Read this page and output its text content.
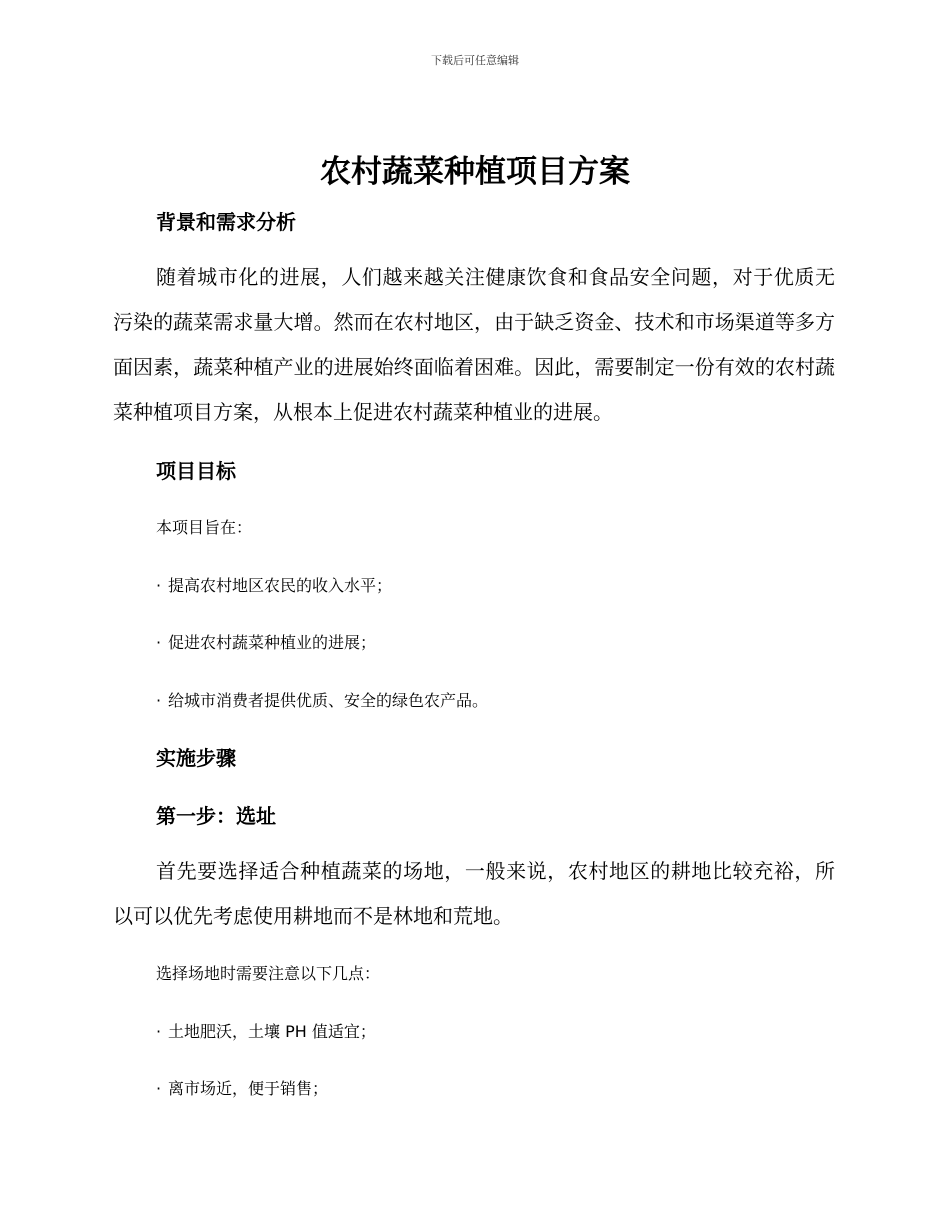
下载后可任意编辑
农村蔬菜种植项目方案
背景和需求分析

随着城市化的进展，人们越来越关注健康饮食和食品安全问题，对于优质无污染的蔬菜需求量大增。然而在农村地区，由于缺乏资金、技术和市场渠道等多方面因素，蔬菜种植产业的进展始终面临着困难。因此，需要制定一份有效的农村蔬菜种植项目方案，从根本上促进农村蔬菜种植业的进展。

项目目标
本项目旨在：
· 提高农村地区农民的收入水平；
· 促进农村蔬菜种植业的进展；
· 给城市消费者提供优质、安全的绿色农产品。
实施步骤
第一步：选址

首先要选择适合种植蔬菜的场地，一般来说，农村地区的耕地比较充裕，所以可以优先考虑使用耕地而不是林地和荒地。

选择场地时需要注意以下几点：
· 土地肥沃，土壤 PH 值适宜；
· 离市场近，便于销售；
